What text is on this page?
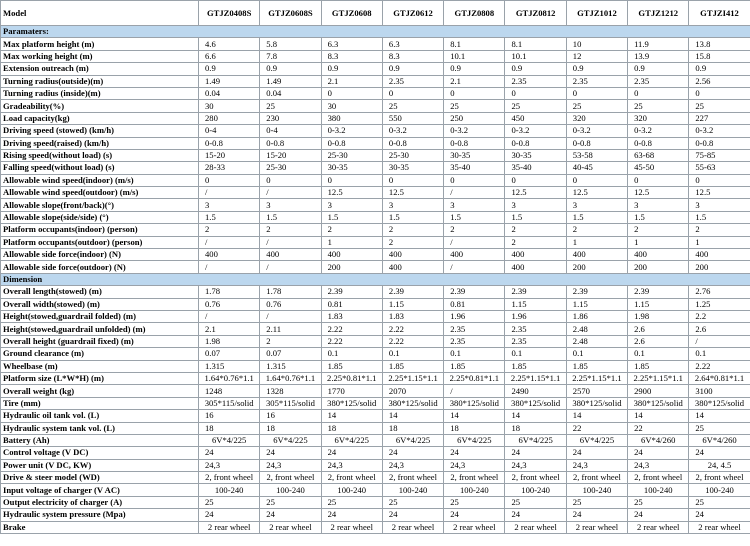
Model	GTJZ0408S	GTJZ0608S	GTJZ0608	GTJZ0612	GTJZ0808	GTJZ0812	GTJZ1012	GTJZ1212	GTJZI412
Paramaters:									
Max platform height (m)	4.6	5.8	6.3	6.3	8.1	8.1	10	11.9	13.8
Max working height (m)	6.6	7.8	8.3	8.3	10.1	10.1	12	13.9	15.8
Extension outreach (m)	0.9	0.9	0.9	0.9	0.9	0.9	0.9	0.9	0.9
Turning radius(outside)(m)	1.49	1.49	2.1	2.35	2.1	2.35	2.35	2.35	2.56
Turning radius (inside)(m)	0.04	0.04	0	0	0	0	0	0	0
Gradeability(%)	30	25	30	25	25	25	25	25	25
Load capacity(kg)	280	230	380	550	250	450	320	320	227
Driving speed (stowed) (km/h)	0-4	0-4	0-3.2	0-3.2	0-3.2	0-3.2	0-3.2	0-3.2	0-3.2
Driving speed(raised) (km/h)	0-0.8	0-0.8	0-0.8	0-0.8	0-0.8	0-0.8	0-0.8	0-0.8	0-0.8
Rising speed(without load) (s)	15-20	15-20	25-30	25-30	30-35	30-35	53-58	63-68	75-85
Falling speed(without load) (s)	28-33	25-30	30-35	30-35	35-40	35-40	40-45	45-50	55-63
Allowable wind speed(indoor) (m/s)	0	0	0	0	0	0	0	0	0
Allowable wind speed(outdoor) (m/s)	/	/	12.5	12.5	/	12.5	12.5	12.5	12.5
Allowable slope(front/back)(°)	3	3	3	3	3	3	3	3	3
Allowable slope(side/side) (°)	1.5	1.5	1.5	1.5	1.5	1.5	1.5	1.5	1.5
Platform occupants(indoor) (person)	2	2	2	2	2	2	2	2	2
Platform occupants(outdoor) (person)	/	/	1	2	/	2	1	1	1
Allowable side force(indoor) (N)	400	400	400	400	400	400	400	400	400
Allowable side force(outdoor) (N)	/	/	200	400	/	400	200	200	200
Dimension									
Overall length(stowed) (m)	1.78	1.78	2.39	2.39	2.39	2.39	2.39	2.39	2.76
Overall width(stowed) (m)	0.76	0.76	0.81	1.15	0.81	1.15	1.15	1.15	1.25
Height(stowed,guardrail folded) (m)	/	/	1.83	1.83	1.96	1.96	1.86	1.98	2.2
Height(stowed,guardrail unfolded) (m)	2.1	2.11	2.22	2.22	2.35	2.35	2.48	2.6	2.6
Overall height (guardrail fixed) (m)	1.98	2	2.22	2.22	2.35	2.35	2.48	2.6	/
Ground clearance (m)	0.07	0.07	0.1	0.1	0.1	0.1	0.1	0.1	0.1
Wheelbase (m)	1.315	1.315	1.85	1.85	1.85	1.85	1.85	1.85	2.22
Platform size (L*W*H) (m)	1.64*0.76*1.1	1.64*0.76*1.1	2.25*0.81*1.1	2.25*1.15*1.1	2.25*0.81*1.1	2.25*1.15*1.1	2.25*1.15*1.1	2.25*1.15*1.1	2.64*0.81*1.1
Overall weight (kg)	1248	1328	1770	2070	/	2490	2570	2900	3100
Tire (mm)	305*115/solid	305*115/solid	380*125/solid	380*125/solid	380*125/solid	380*125/solid	380*125/solid	380*125/solid	380*125/solid
Hydraulic oil tank vol. (L)	16	16	14	14	14	14	14	14	14
Hydraulic system tank vol. (L)	18	18	18	18	18	18	22	22	25
Battery (Ah)	6V*4/225	6V*4/225	6V*4/225	6V*4/225	6V*4/225	6V*4/225	6V*4/225	6V*4/260	6V*4/260
Control voltage (V DC)	24	24	24	24	24	24	24	24	24
Power unit (V DC, KW)	24,3	24,3	24,3	24,3	24,3	24,3	24,3	24,3	24, 4.5
Drive & steer model (WD)	2, front wheel	2, front wheel	2, front wheel	2, front wheel	2, front wheel	2, front wheel	2, front wheel	2, front wheel	2, front wheel
Input voltage of charger (V AC)	100-240	100-240	100-240	100-240	100-240	100-240	100-240	100-240	100-240
Output electricity of charger (A)	25	25	25	25	25	25	25	25	25
Hydraulic system pressure (Mpa)	24	24	24	24	24	24	24	24	24
Brake	2 rear wheel	2 rear wheel	2 rear wheel	2 rear wheel	2 rear wheel	2 rear wheel	2 rear wheel	2 rear wheel	2 rear wheel
